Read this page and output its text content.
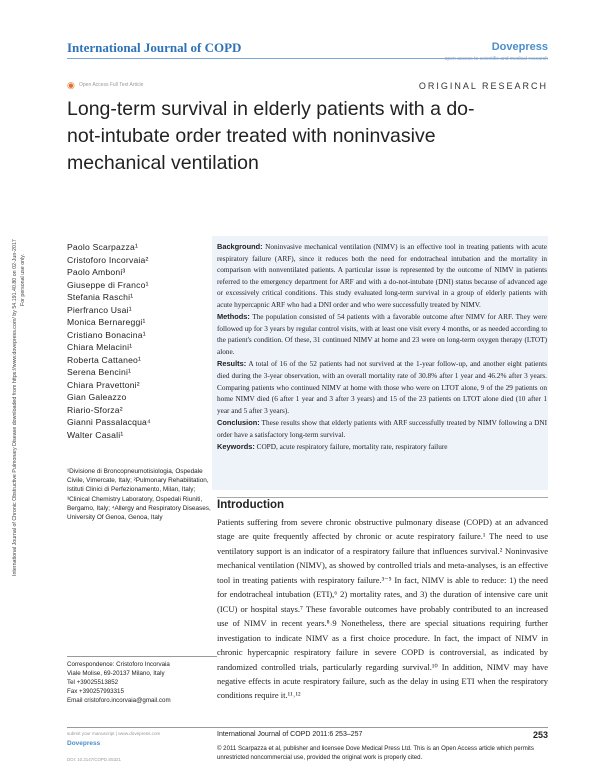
International Journal of COPD	Dovepress
open access to scientific and medical research
◉ Open Access Full Text Article	ORIGINAL RESEARCH
Long-term survival in elderly patients with a do-not-intubate order treated with noninvasive mechanical ventilation
International Journal of Chronic Obstructive Pulmonary Disease downloaded from https://www.dovepress.com/ by 54.191.40.80 on 02-Jun-2017 For personal use only.
Paolo Scarpazza¹
Cristoforo Incorvaia²
Paolo Amboni³
Giuseppe di Franco¹
Stefania Raschi¹
Pierfranco Usai¹
Monica Bernareggi¹
Cristiano Bonacina¹
Chiara Melacini¹
Roberta Cattaneo¹
Serena Bencini¹
Chiara Pravettoni²
Gian Galeazzo
Riario-Sforza²
Gianni Passalacqua⁴
Walter Casali¹
¹Divisione di Broncopneumotisiologia, Ospedale Civile, Vimercate, Italy; ²Pulmonary Rehabilitation, Istituti Clinici di Perfezionamento, Milan, Italy; ³Clinical Chemistry Laboratory, Ospedali Riuniti, Bergamo, Italy; ⁴Allergy and Respiratory Diseases, University Of Genoa, Genoa, Italy
Correspondence: Cristoforo Incorvaia
Viale Molise, 69-20137 Milano, Italy
Tel +39025513852
Fax +390257993315
Email cristoforo.incorvaia@gmail.com

Background: Noninvasive mechanical ventilation (NIMV) is an effective tool in treating patients with acute respiratory failure (ARF), since it reduces both the need for endotracheal intubation and the mortality in comparison with nonventilated patients. A particular issue is represented by the outcome of NIMV in patients referred to the emergency department for ARF and with a do-not-intubate (DNI) status because of advanced age or excessively critical conditions. This study evaluated long-term survival in a group of elderly patients with acute hypercapnic ARF who had a DNI order and who were successfully treated by NIMV.

Methods: The population consisted of 54 patients with a favorable outcome after NIMV for ARF. They were followed up for 3 years by regular control visits, with at least one visit every 4 months, or as needed according to the patient's condition. Of these, 31 continued NIMV at home and 23 were on long-term oxygen therapy (LTOT) alone.

Results: A total of 16 of the 52 patients had not survived at the 1-year follow-up, and another eight patients died during the 3-year observation, with an overall mortality rate of 30.8% after 1 year and 46.2% after 3 years. Comparing patients who continued NIMV at home with those who were on LTOT alone, 9 of the 29 patients on home NIMV died (6 after 1 year and 3 after 3 years) and 15 of the 23 patients on LTOT alone died (10 after 1 year and 5 after 3 years).

Conclusion: These results show that elderly patients with ARF successfully treated by NIMV following a DNI order have a satisfactory long-term survival.

Keywords: COPD, acute respiratory failure, mortality rate, respiratory failure

Introduction

Patients suffering from severe chronic obstructive pulmonary disease (COPD) at an advanced stage are quite frequently affected by chronic or acute respiratory failure.¹ The need to use ventilatory support is an indicator of a respiratory failure that influences survival.² Noninvasive mechanical ventilation (NIMV), as showed by controlled trials and meta-analyses, is an effective tool in treating patients with respiratory failure.³⁻⁵ In fact, NIMV is able to reduce: 1) the need for endotracheal intubation (ETI),⁶ 2) mortality rates, and 3) the duration of intensive care unit (ICU) or hospital stays.⁷ These favorable outcomes have probably contributed to an increased use of NIMV in recent years.⁸˒9 Nonetheless, there are special situations requiring further investigation to indicate NIMV as a first choice procedure. In fact, the impact of NIMV in chronic hypercapnic respiratory failure in severe COPD is controversial, as indicated by randomized controlled trials, particularly regarding survival.¹⁰ In addition, NIMV may have negative effects in acute respiratory failure, such as the delay in using ETI when the respiratory conditions require it.¹¹˒¹²

submit your manuscript | www.dovepress.com
Dovepress
DOI: 10.2147/COPD.S5321
International Journal of COPD 2011:6 253–257	253
© 2011 Scarpazza et al, publisher and licensee Dove Medical Press Ltd. This is an Open Access article which permits unrestricted noncommercial use, provided the original work is properly cited.
